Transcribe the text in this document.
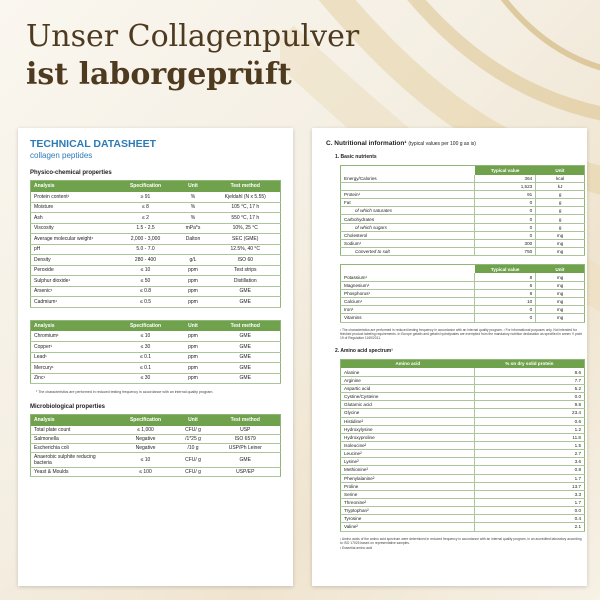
Unser Collagenpulver
ist laborgeprüft
TECHNICAL DATASHEET
collagen peptides
Physico-chemical properties
Analysis	Specification	Unit	Test method
Protein content¹	≥ 91	%	Kjeldahl (N x 5.55)
Moisture	≤ 8	%	105 °C, 17 h
Ash	≤ 2	%	550 °C, 17 h
Viscosity	1.5 - 2.5	mPa*s	10%, 25 °C
Average molecular weight¹	2,000 - 3,000	Dalton	SEC (GME)
pH	5.0 - 7.0		12.5%, 40 °C
Density	280 - 400	g/L	ISO 60
Peroxide	≤ 10	ppm	Test strips
Sulphur dioxide¹	≤ 50	ppm	Distillation
Arsenic¹	≤ 0.8	ppm	GME
Cadmium¹	≤ 0.5	ppm	GME
Analysis	Specification	Unit	Test method
Chromium¹	≤ 10	ppm	GME
Copper¹	≤ 30	ppm	GME
Lead¹	≤ 0.1	ppm	GME
Mercury¹	≤ 0.1	ppm	GME
Zinc¹	≤ 30	ppm	GME
¹ The characteristics are performed in reduced testing frequency in accordance with an internal quality program.
Microbiological properties
Analysis	Specification	Unit	Test method
Total plate count	≤ 1,000	CFU/ g	USP
Salmonella	Negative	/1*25 g	ISO 6579
Escherichia coli	Negative	/10 g	USP/Ph Leiner
Anaerobic sulphite reducing bacteria	≤ 10	CFU/ g	GME
Yeast & Moulds	≤ 100	CFU/ g	USP/EP
C. Nutritional information¹ (typical values per 100 g as is)
1. Basic nutrients
	Typical value	Unit
Energy/Calories	364	kcal
	1,523	kJ
Protein¹	91	g
Fat	0	g
of which saturates	0	g
Carbohydrates	0	g
of which sugars	0	g
Cholesterol	0	mg
Sodium¹	300	mg
Converted to salt	750	mg
	Typical value	Unit
Potassium¹	8	mg
Magnesium¹	6	mg
Phosphorus¹	8	mg
Calcium¹	10	mg
Iron¹	0	mg
Vitamins	0	mg
¹ The characteristics are performed in reduced testing frequency in accordance with an internal quality program. ² For informational purposes only. Not intended for finished product labeling requirements. In Europe gelatin and gelatin hydrolysates are exempted from the mandatory nutrition declaration as specified in annex V point 19 of Regulation 1169/2011.
2. Amino acid spectrum¹
Amino acid	% on dry solid protein
Alanine	8.6
Arginine	7.7
Aspartic acid	5.2
Cystine/Cysteine	0.0
Glutamic acid	9.8
Glycine	23.4
Histidine²	0.6
Hydroxylysine	1.2
Hydroxyproline	11.8
Isoleucine²	1.5
Leucine²	2.7
Lysine²	3.6
Methionine²	0.8
Phenylalanine²	1.7
Proline	13.7
Serine	3.3
Threonine²	1.7
Tryptophan²	0.0
Tyrosine	0.4
Valine²	2.1
¹ Amino acids of the amino acid spectrum were determined in reduced frequency in accordance with an internal quality program, in an accredited laboratory according to ISO 17025 based on representative samples.
² Essential amino acid
